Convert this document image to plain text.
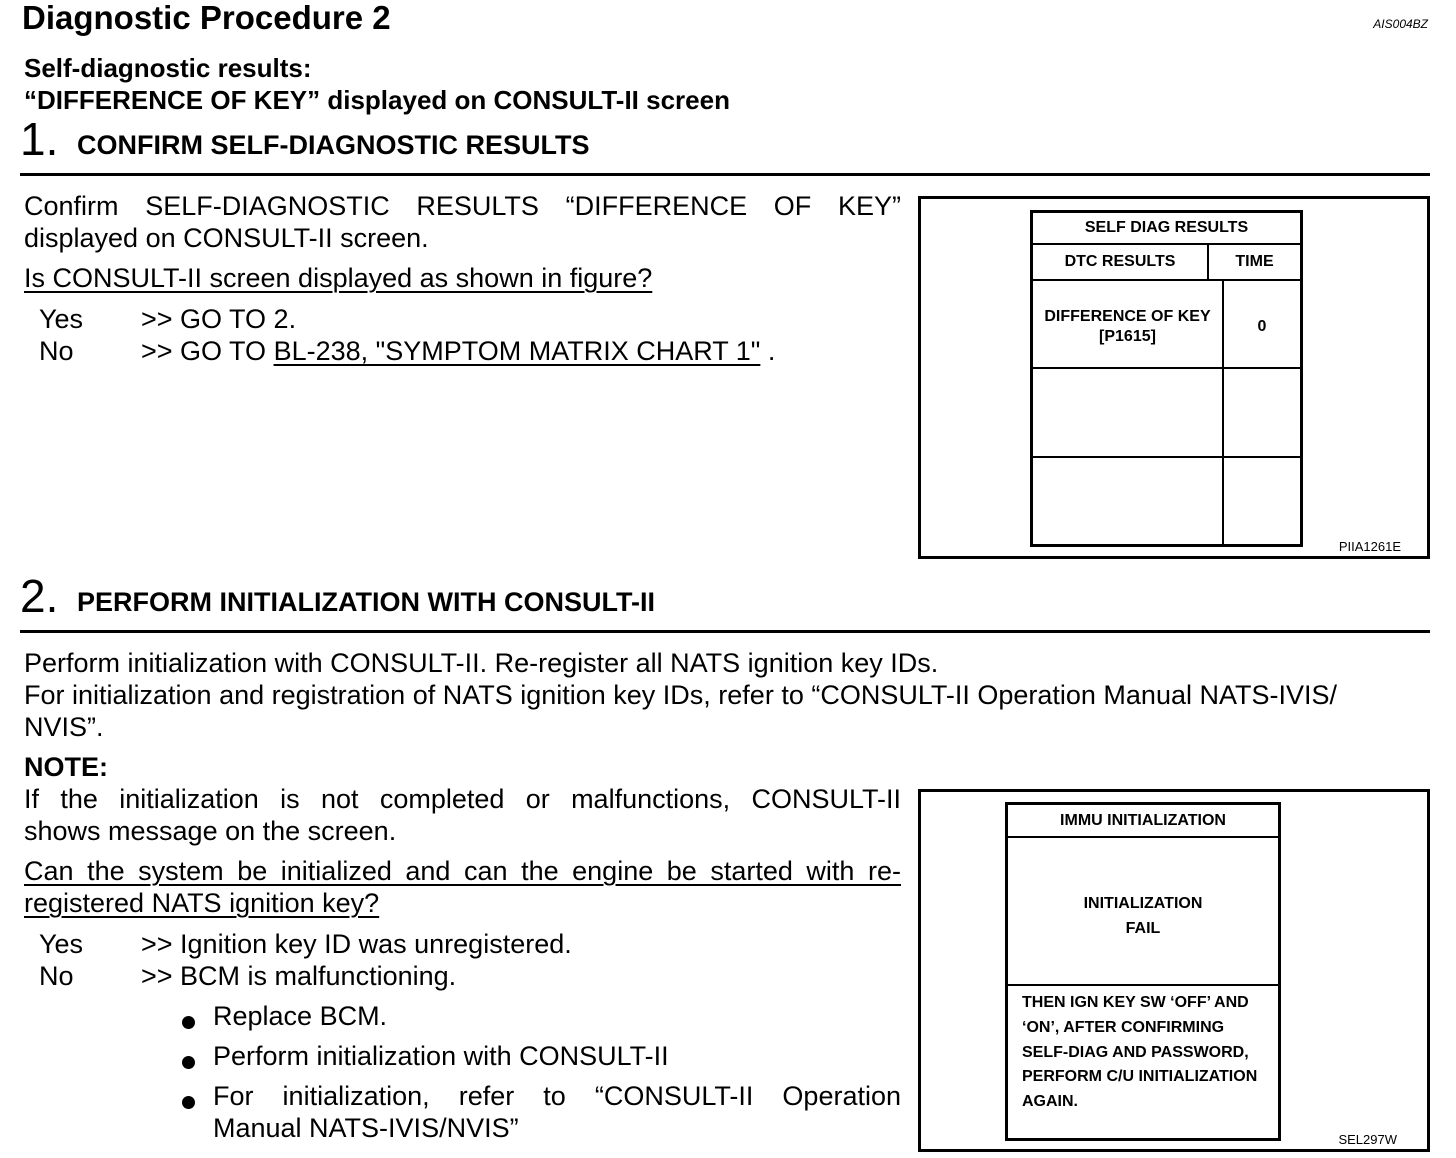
Diagnostic Procedure 2	AIS004BZ
Self-diagnostic results:
“DIFFERENCE OF KEY” displayed on CONSULT-II screen
1. CONFIRM SELF-DIAGNOSTIC RESULTS
Confirm SELF-DIAGNOSTIC RESULTS “DIFFERENCE OF KEY”
displayed on CONSULT-II screen.
Is CONSULT-II screen displayed as shown in figure?
Yes >> GO TO 2.
No >> GO TO BL-238, "SYMPTOM MATRIX CHART 1" .
SELF DIAG RESULTS
DTC RESULTS	TIME
DIFFERENCE OF KEY
[P1615]
0
PIIA1261E
2. PERFORM INITIALIZATION WITH CONSULT-II
Perform initialization with CONSULT-II. Re-register all NATS ignition key IDs.
For initialization and registration of NATS ignition key IDs, refer to “CONSULT-II Operation Manual NATS-IVIS/
NVIS”.
NOTE:
If the initialization is not completed or malfunctions, CONSULT-II
shows message on the screen.
Can the system be initialized and can the engine be started with re-
registered NATS ignition key?
Yes >> Ignition key ID was unregistered.
No >> BCM is malfunctioning.
Replace BCM.
Perform initialization with CONSULT-II
For initialization, refer to “CONSULT-II Operation
Manual NATS-IVIS/NVIS”
IMMU INITIALIZATION
INITIALIZATION
FAIL
THEN IGN KEY SW ‘OFF’ AND
‘ON’, AFTER CONFIRMING
SELF-DIAG AND PASSWORD,
PERFORM C/U INITIALIZATION
AGAIN.
SEL297W
